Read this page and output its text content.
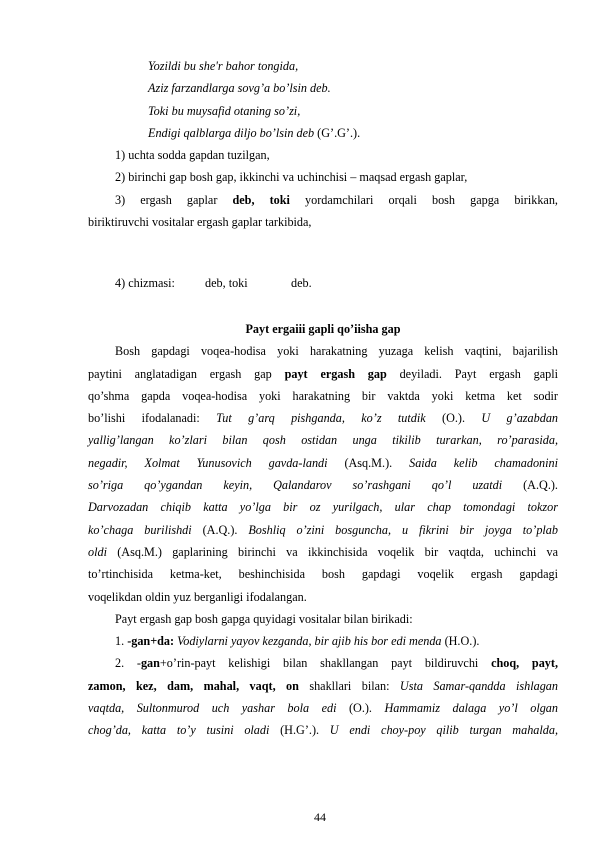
Yozildi bu she'r bahor tongida,
Aziz farzandlarga sovg’a bo’lsin deb.
Toki bu muysafid otaning so’zi,
Endigi qalblarga diljo bo’lsin deb (G’.G’.).
1) uchta sodda gapdan tuzilgan,
2) birinchi gap bosh gap, ikkinchi va uchinchisi – maqsad ergash gaplar,
3) ergash gaplar deb, toki yordamchilari orqali bosh gapga birikkan,
biriktiruvchi vositalar ergash gaplar tarkibida,
4) chizmasi: deb, toki	deb.
Payt ergaiii gapli qo’iisha gap
Bosh gapdagi voqea-hodisa yoki harakatning yuzaga kelish vaqtini, bajarilish
paytini anglatadigan ergash gap payt ergash gap deyiladi. Payt ergash gapli
qo’shma gapda voqea-hodisa yoki harakatning bir vaktda yoki ketma ket sodir
bo’lishi ifodalanadi: Tut g’arq pishganda, ko’z tutdik (O.). U g’azabdan
yallig’langan ko’zlari bilan qosh ostidan unga tikilib turarkan, ro’parasida,
negadir, Xolmat Yunusovich gavda-landi (Asq.M.). Saida kelib chamadonini
so’riga qo’ygandan keyin, Qalandarov so’rashgani qo’l uzatdi (A.Q.).
Darvozadan chiqib katta yo’lga bir oz yurilgach, ular chap tomondagi tokzor
ko’chaga burilishdi (A.Q.). Boshliq o’zini bosguncha, u fikrini bir joyga to’plab
oldi (Asq.M.) gaplarining birinchi va ikkinchisida voqelik bir vaqtda, uchinchi va
to’rtinchisida ketma-ket, beshinchisida bosh gapdagi voqelik ergash gapdagi
voqelikdan oldin yuz berganligi ifodalangan.
Payt ergash gap bosh gapga quyidagi vositalar bilan birikadi:
1. -gan+da: Vodiylarni yayov kezganda, bir ajib his bor edi menda (H.O.).
2. -gan+o’rin-payt kelishigi bilan shakllangan payt bildiruvchi choq, payt,
zamon, kez, dam, mahal, vaqt, on shakllari bilan: Usta Samar-qandda ishlagan
vaqtda, Sultonmurod uch yashar bola edi (O.). Hammamiz dalaga yo’l olgan
chog’da, katta to’y tusini oladi (H.G’.). U endi choy-poy qilib turgan mahalda,
44
